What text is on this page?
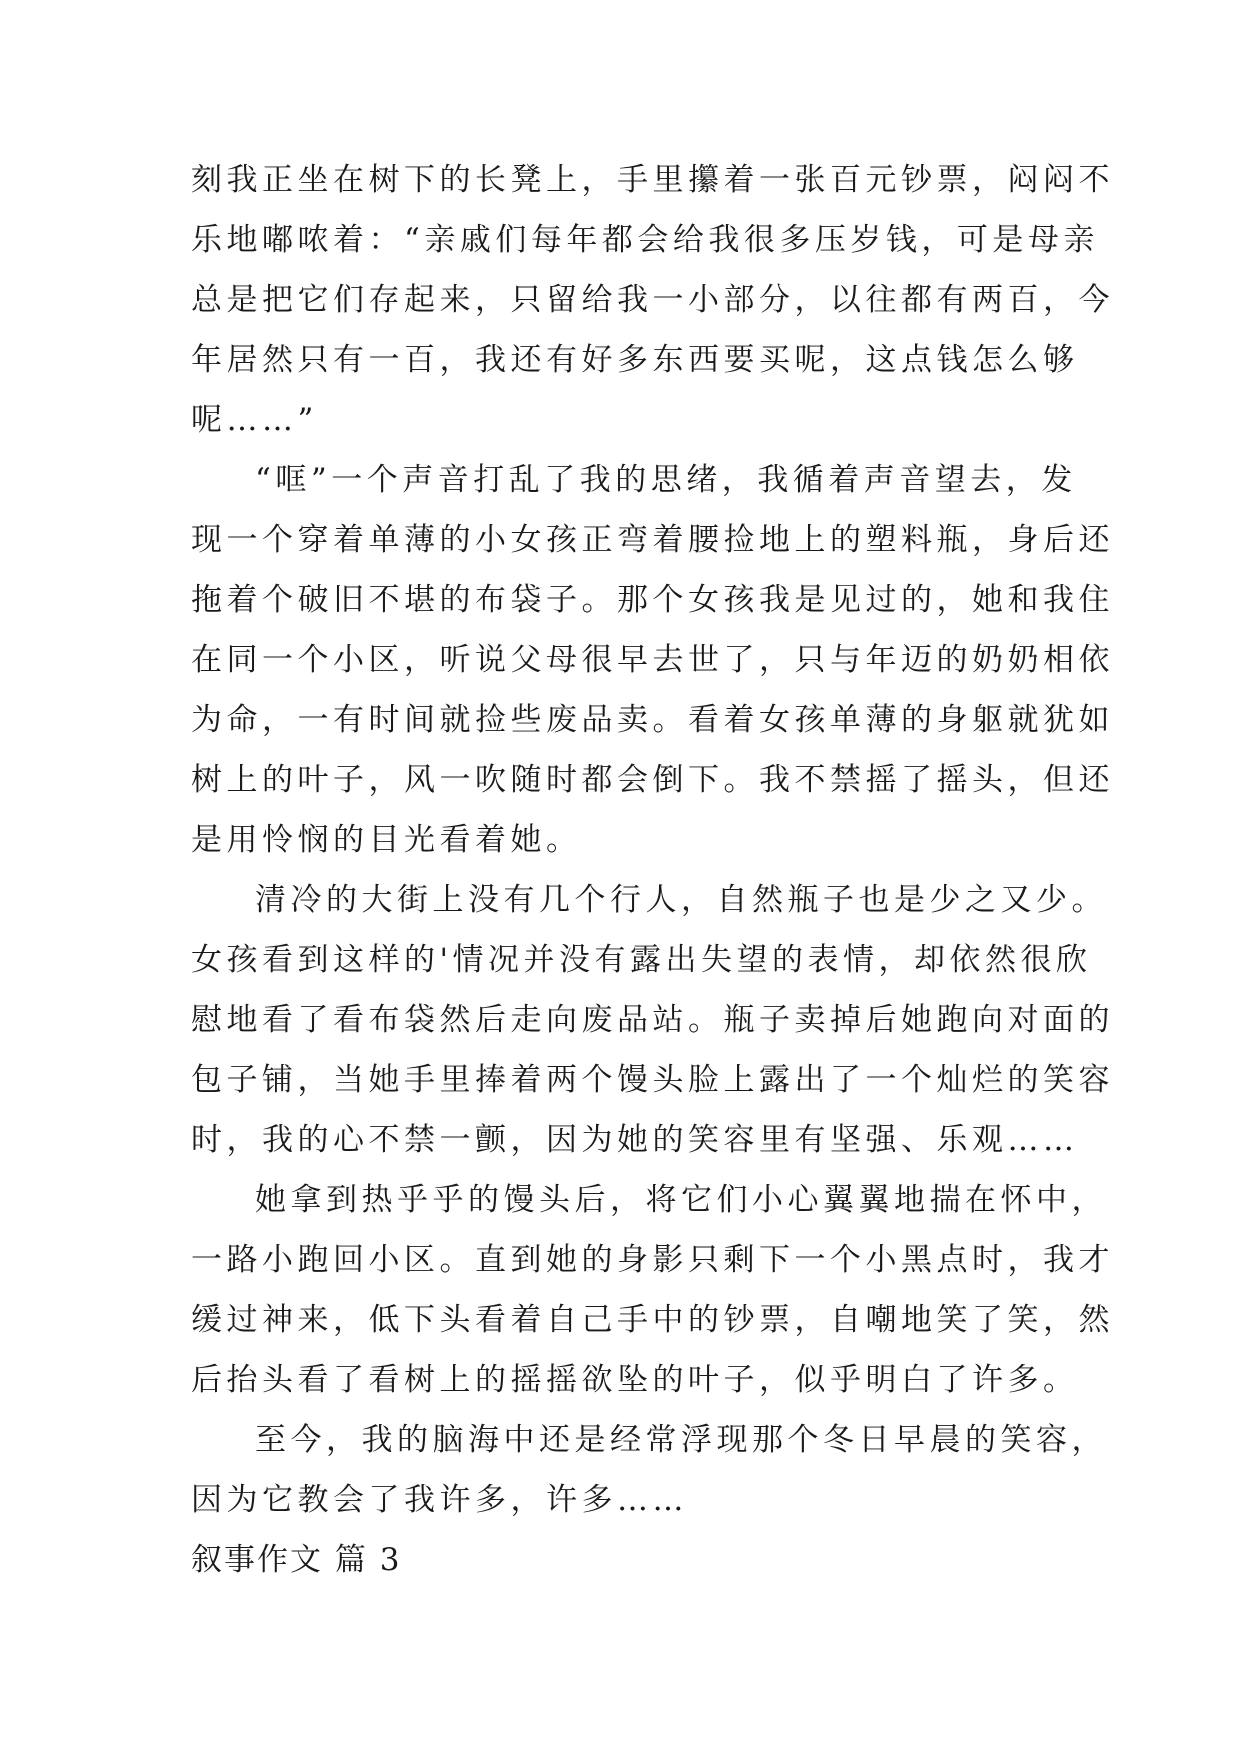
刻我正坐在树下的长凳上，手里攥着一张百元钞票，闷闷不
乐地嘟哝着：“亲戚们每年都会给我很多压岁钱，可是母亲
总是把它们存起来，只留给我一小部分，以往都有两百，今
年居然只有一百，我还有好多东西要买呢，这点钱怎么够
呢……”
“哐”一个声音打乱了我的思绪，我循着声音望去，发
现一个穿着单薄的小女孩正弯着腰捡地上的塑料瓶，身后还
拖着个破旧不堪的布袋子。那个女孩我是见过的，她和我住
在同一个小区，听说父母很早去世了，只与年迈的奶奶相依
为命，一有时间就捡些废品卖。看着女孩单薄的身躯就犹如
树上的叶子，风一吹随时都会倒下。我不禁摇了摇头，但还
是用怜悯的目光看着她。
清冷的大街上没有几个行人，自然瓶子也是少之又少。
女孩看到这样的'情况并没有露出失望的表情，却依然很欣
慰地看了看布袋然后走向废品站。瓶子卖掉后她跑向对面的
包子铺，当她手里捧着两个馒头脸上露出了一个灿烂的笑容
时，我的心不禁一颤，因为她的笑容里有坚强、乐观……
她拿到热乎乎的馒头后，将它们小心翼翼地揣在怀中，
一路小跑回小区。直到她的身影只剩下一个小黑点时，我才
缓过神来，低下头看着自己手中的钞票，自嘲地笑了笑，然
后抬头看了看树上的摇摇欲坠的叶子，似乎明白了许多。
至今，我的脑海中还是经常浮现那个冬日早晨的笑容，
因为它教会了我许多，许多……
叙事作文 篇 3
